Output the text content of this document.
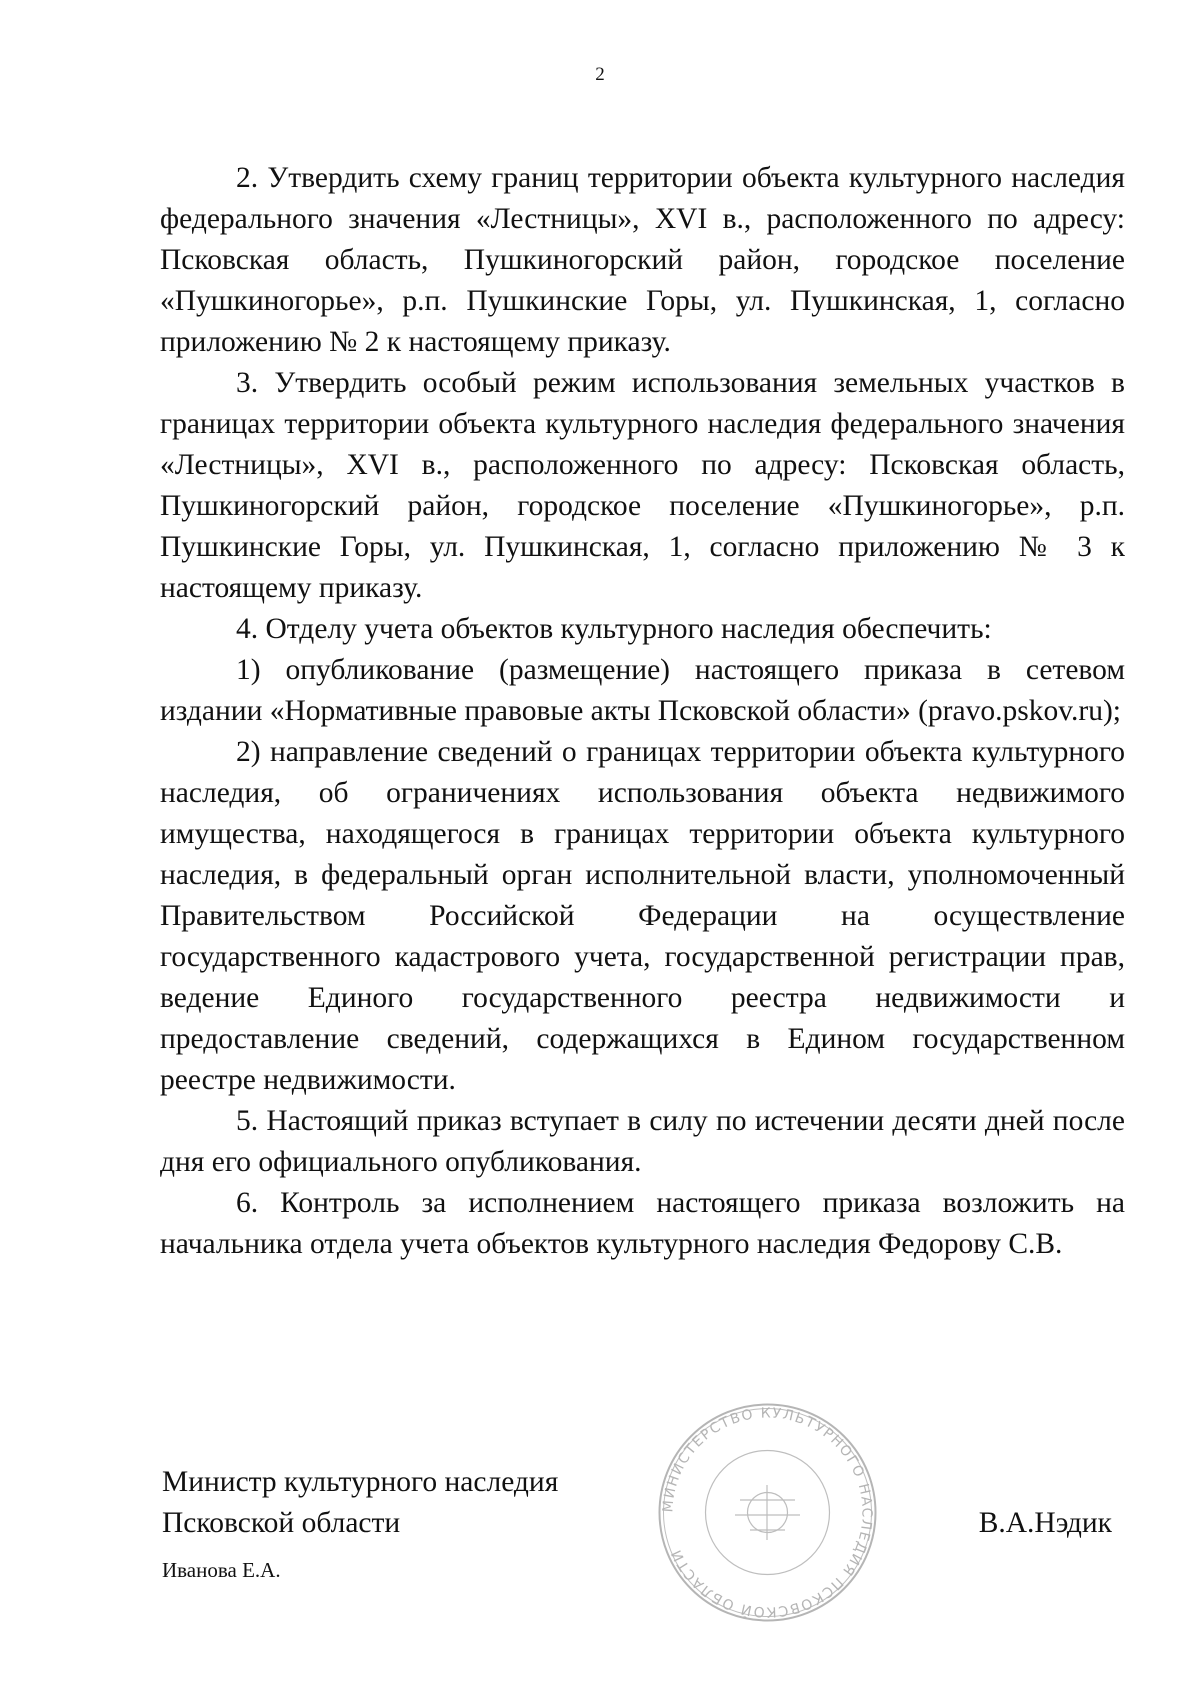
2

2. Утвердить схему границ территории объекта культурного наследия федерального значения «Лестницы», XVI в., расположенного по адресу: Псковская область, Пушкиногорский район, городское поселение «Пушкиногорье», р.п. Пушкинские Горы, ул. Пушкинская, 1, согласно приложению № 2 к настоящему приказу.

3. Утвердить особый режим использования земельных участков в границах территории объекта культурного наследия федерального значения «Лестницы», XVI в., расположенного по адресу: Псковская область, Пушкиногорский район, городское поселение «Пушкиногорье», р.п. Пушкинские Горы, ул. Пушкинская, 1, согласно приложению № 3 к настоящему приказу.

4. Отделу учета объектов культурного наследия обеспечить:

1) опубликование (размещение) настоящего приказа в сетевом издании «Нормативные правовые акты Псковской области» (pravo.pskov.ru);

2) направление сведений о границах территории объекта культурного наследия, об ограничениях использования объекта недвижимого имущества, находящегося в границах территории объекта культурного наследия, в федеральный орган исполнительной власти, уполномоченный Правительством Российской Федерации на осуществление государственного кадастрового учета, государственной регистрации прав, ведение Единого государственного реестра недвижимости и предоставление сведений, содержащихся в Едином государственном реестре недвижимости.

5. Настоящий приказ вступает в силу по истечении десяти дней после дня его официального опубликования.

6. Контроль за исполнением настоящего приказа возложить на начальника отдела учета объектов культурного наследия Федорову С.В.

МИНИСТЕРСТВО КУЛЬТУРНОГО НАСЛЕДИЯ ПСКОВСКОЙ ОБЛАСТИ
Министр культурного наследия
Псковской области	В.А.Нэдик
Иванова Е.А.
